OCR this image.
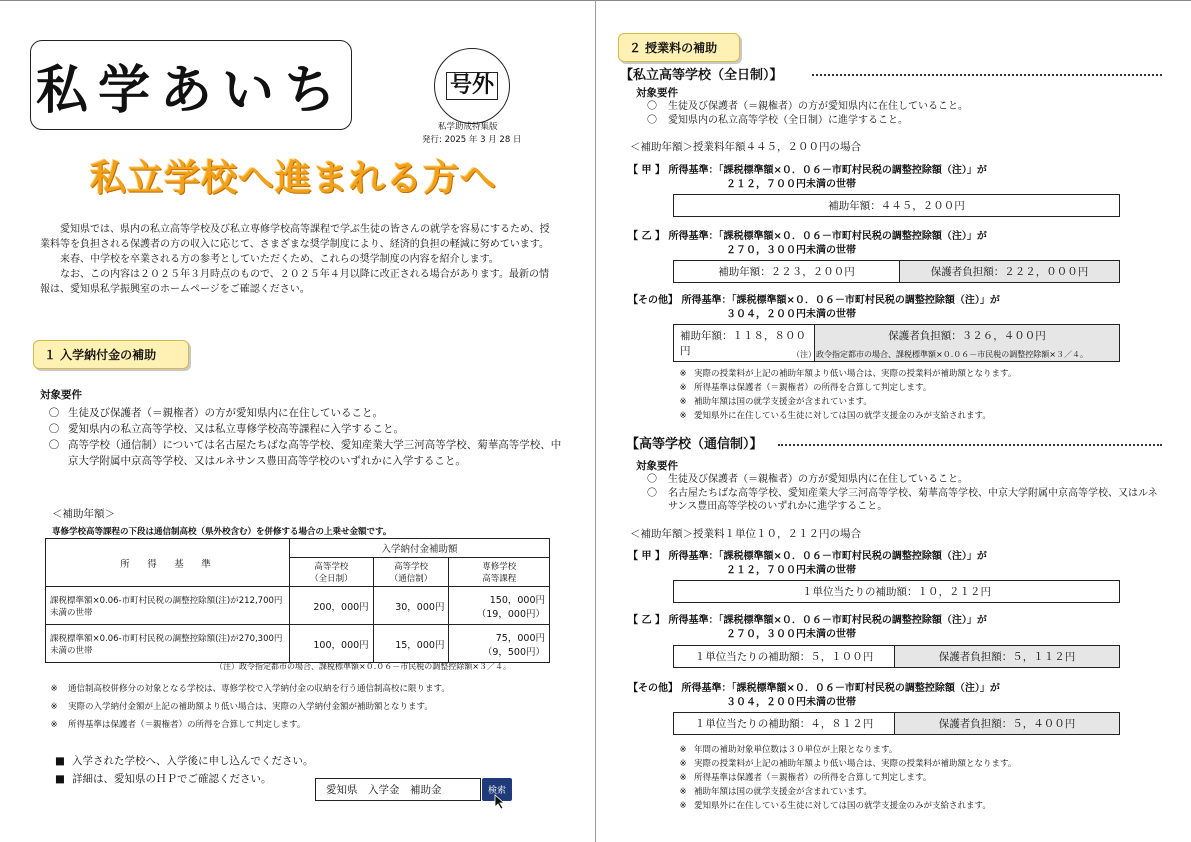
私学あいち	号外
私学助成特集版
発行: 2025 年 3 月 28 日
私立学校へ進まれる方へ

愛知県では、県内の私立高等学校及び私立専修学校高等課程で学ぶ生徒の皆さんの就学を容易にするため、授業料等を負担される保護者の方の収入に応じて、さまざまな奨学制度により、経済的負担の軽減に努めています。

来春、中学校を卒業される方の参考としていただくため、これらの奨学制度の内容を紹介します。

なお、この内容は２０２５年３月時点のもので、２０２５年４月以降に改正される場合があります。最新の情報は、愛知県私学振興室のホームページをご確認ください。

１ 入学納付金の補助
対象要件
〇 生徒及び保護者（＝親権者）の方が愛知県内に在住していること。
〇 愛知県内の私立高等学校、又は私立専修学校高等課程に入学すること。
〇 高等学校（通信制）については名古屋たちばな高等学校、愛知産業大学三河高等学校、菊華高等学校、中京大学附属中京高等学校、又はルネサンス豊田高等学校のいずれかに入学すること。
＜補助年額＞
専修学校高等課程の下段は通信制高校（県外校含む）を併修する場合の上乗せ金額です。
所　得　基　準	入学納付金補助額		
	高等学校
（全日制）	高等学校
（通信制）	専修学校
高等課程
課税標準額×0.06-市町村民税の調整控除額(注)が212,700円未満の世帯	200，000円	30，000円	150，000円
（19，000円）
課税標準額×0.06-市町村民税の調整控除額(注)が270,300円未満の世帯	100，000円	15，000円	75，000円
（9，500円）
（注）政令指定都市の場合、課税標準額×０.０６－市民税の調整控除額×３／４。
※	通信制高校併修分の対象となる学校は、専修学校で入学納付金の収納を行う通信制高校に限ります。
※	実際の入学納付金額が上記の補助額より低い場合は、実際の入学納付金額が補助額となります。
※	所得基準は保護者（＝親権者）の所得を合算して判定します。
■ 入学された学校へ、入学後に申し込んでください。
■ 詳細は、愛知県のＨＰでご確認ください。
愛知県　入学金　補助金	検索
２ 授業料の補助
【私立高等学校（全日制）】
対象要件
〇	生徒及び保護者（＝親権者）の方が愛知県内に在住していること。
〇	愛知県内の私立高等学校（全日制）に進学すること。
＜補助年額＞授業料年額４４５，２００円の場合
【 甲 】 所得基準：「課税標準額×０．０６－市町村民税の調整控除額（注）」が
２１２，７００円未満の世帯
補助年額：４４５，２００円
【 乙 】 所得基準：「課税標準額×０．０６－市町村民税の調整控除額（注）」が
２７０，３００円未満の世帯
補助年額：２２３，２００円	保護者負担額：２２２，０００円
【その他】 所得基準：「課税標準額×０．０６－市町村民税の調整控除額（注）」が
３０４，２００円未満の世帯
補助年額：１１８，８００円
保護者負担額：３２６，４００円
（注）政令指定都市の場合、課税標準額×０.０６－市民税の調整控除額×３／４。
※ 実際の授業料が上記の補助年額より低い場合は、実際の授業料が補助額となります。
※ 所得基準は保護者（＝親権者）の所得を合算して判定します。
※ 補助年額は国の就学支援金が含まれています。
※ 愛知県外に在住している生徒に対しては国の就学支援金のみが支給されます。
【高等学校（通信制）】
対象要件
〇	生徒及び保護者（＝親権者）の方が愛知県内に在住していること。
〇	名古屋たちばな高等学校、愛知産業大学三河高等学校、菊華高等学校、中京大学附属中京高等学校、又はルネサンス豊田高等学校のいずれかに進学すること。
＜補助年額＞授業料１単位１０，２１２円の場合
【 甲 】 所得基準：「課税標準額×０．０６－市町村民税の調整控除額（注）」が
２１２，７００円未満の世帯
１単位当たりの補助額：１０，２１２円
【 乙 】 所得基準：「課税標準額×０．０６－市町村民税の調整控除額（注）」が
２７０，３００円未満の世帯
１単位当たりの補助額：５，１００円	保護者負担額：５，１１２円
【その他】 所得基準：「課税標準額×０．０６－市町村民税の調整控除額（注）」が
３０４，２００円未満の世帯
１単位当たりの補助額：４，８１２円	保護者負担額：５，４００円
※ 年間の補助対象単位数は３０単位が上限となります。
※ 実際の授業料が上記の補助年額より低い場合は、実際の授業料が補助額となります。
※ 所得基準は保護者（＝親権者）の所得を合算して判定します。
※ 補助年額は国の就学支援金が含まれています。
※ 愛知県外に在住している生徒に対しては国の就学支援金のみが支給されます。
